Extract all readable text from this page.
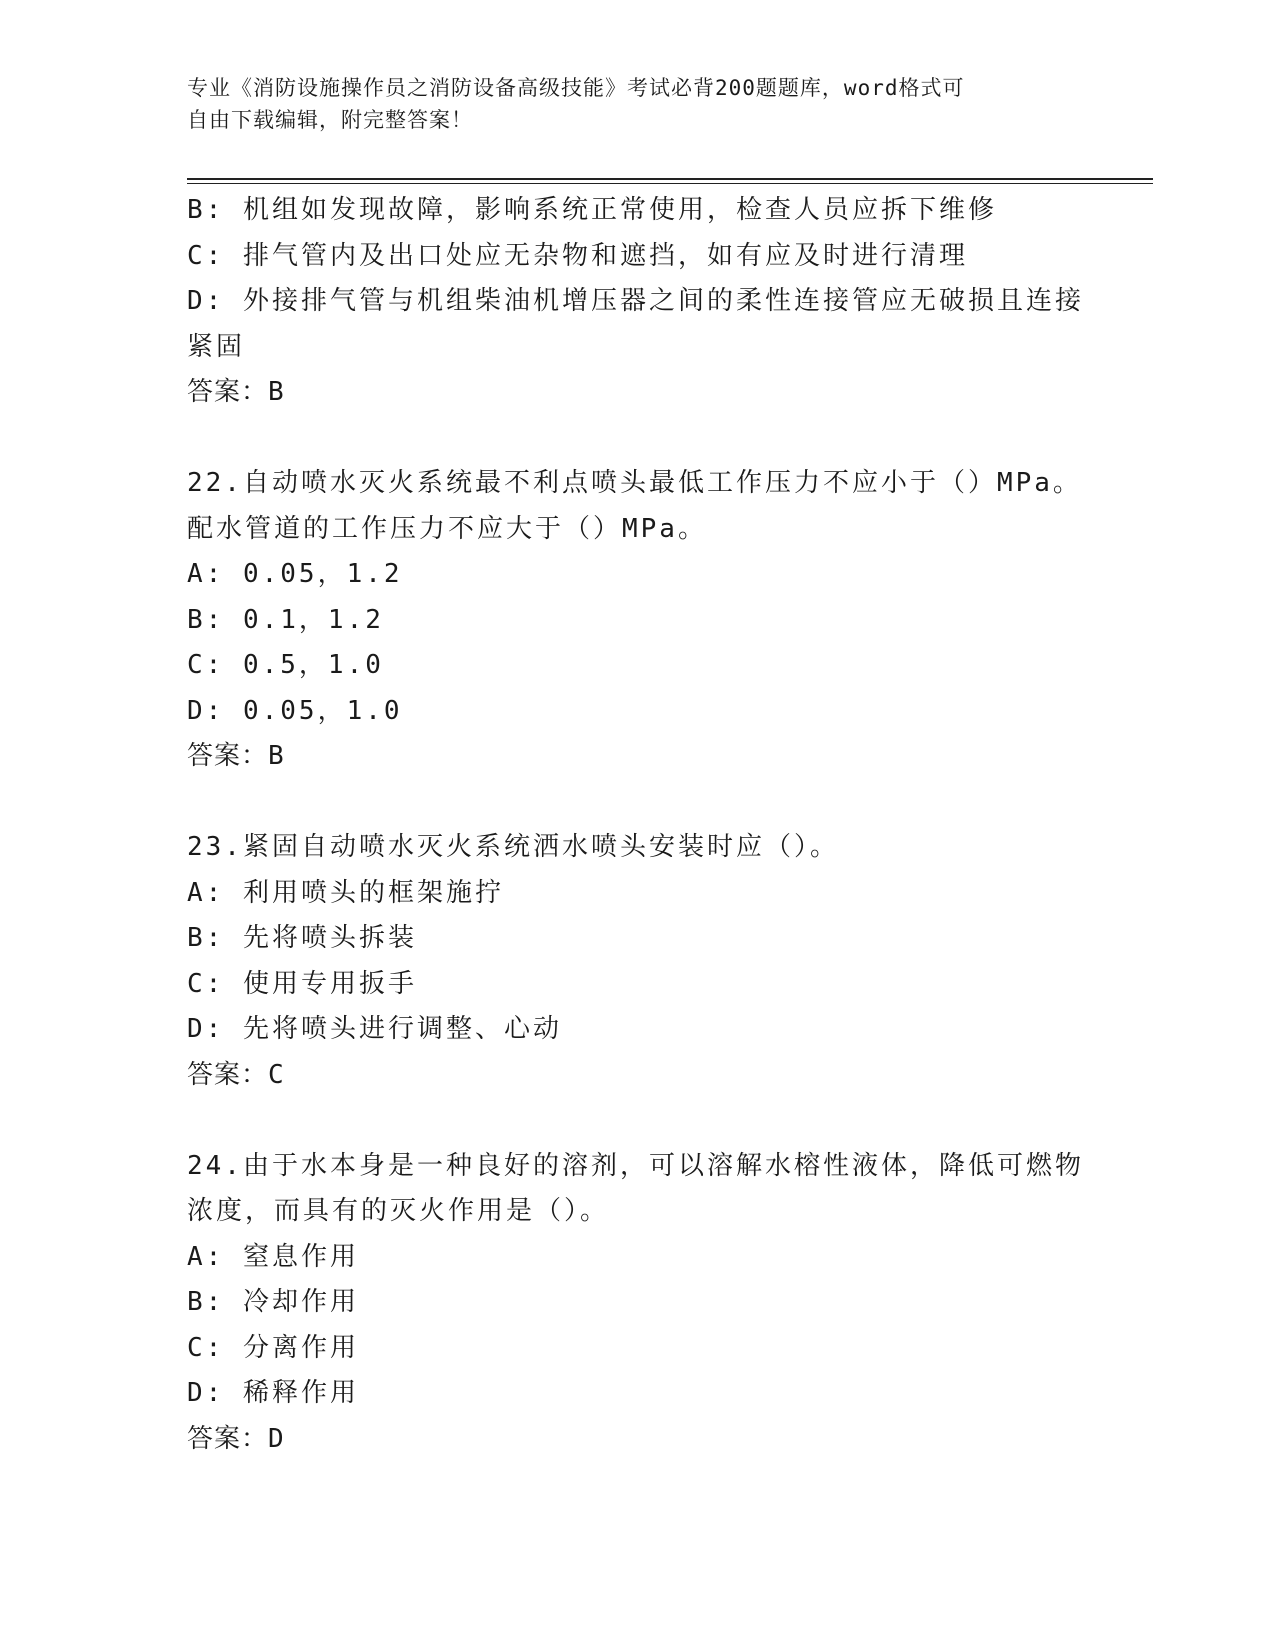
专业《消防设施操作员之消防设备高级技能》考试必背200题题库，word格式可
自由下载编辑，附完整答案！
B: 机组如发现故障，影响系统正常使用，检查人员应拆下维修
C: 排气管内及出口处应无杂物和遮挡，如有应及时进行清理
D: 外接排气管与机组柴油机增压器之间的柔性连接管应无破损且连接
紧固
答案：B
22.自动喷水灭火系统最不利点喷头最低工作压力不应小于（）MPa。
配水管道的工作压力不应大于（）MPa。
A: 0.05，1.2
B: 0.1，1.2
C: 0.5，1.0
D: 0.05，1.0
答案：B
23.紧固自动喷水灭火系统洒水喷头安装时应（）。
A: 利用喷头的框架施拧
B: 先将喷头拆装
C: 使用专用扳手
D: 先将喷头进行调整、心动
答案：C
24.由于水本身是一种良好的溶剂，可以溶解水榕性液体，降低可燃物
浓度，而具有的灭火作用是（）。
A: 窒息作用
B: 冷却作用
C: 分离作用
D: 稀释作用
答案：D
